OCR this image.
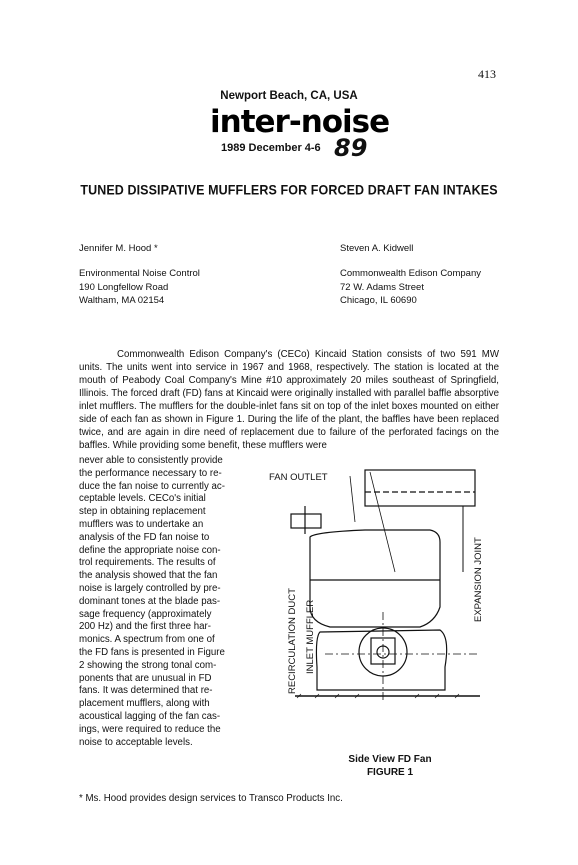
413
Newport Beach, CA, USA
inter-noise
1989 December 4-6 89
TUNED DISSIPATIVE MUFFLERS FOR FORCED DRAFT FAN INTAKES
Jennifer M. Hood *	Steven A. Kidwell
Environmental Noise Control
190 Longfellow Road
Waltham, MA 02154
Commonwealth Edison Company
72 W. Adams Street
Chicago, IL 60690

Commonwealth Edison Company's (CECo) Kincaid Station consists of two 591 MW units. The units went into service in 1967 and 1968, respectively. The station is located at the mouth of Peabody Coal Company's Mine #10 approximately 20 miles southeast of Springfield, Illinois. The forced draft (FD) fans at Kincaid were originally installed with parallel baffle absorptive inlet mufflers. The mufflers for the double-inlet fans sit on top of the inlet boxes mounted on either side of each fan as shown in Figure 1. During the life of the plant, the baffles have been replaced twice, and are again in dire need of replacement due to failure of the perforated facings on the baffles. While providing some benefit, these mufflers were

never able to consistently provide
the performance necessary to re-
duce the fan noise to currently ac-
ceptable levels. CECo's initial
step in obtaining replacement
mufflers was to undertake an
analysis of the FD fan noise to
define the appropriate noise con-
trol requirements. The results of
the analysis showed that the fan
noise is largely controlled by pre-
dominant tones at the blade pas-
sage frequency (approximately
200 Hz) and the first three har-
monics. A spectrum from one of
the FD fans is presented in Figure
2 showing the strong tonal com-
ponents that are unusual in FD
fans. It was determined that re-
placement mufflers, along with
acoustical lagging of the fan cas-
ings, were required to reduce the
noise to acceptable levels.
FAN OUTLET
RECIRCULATION DUCT INLET MUFFLER
EXPANSION JOINT
Side View FD Fan
FIGURE 1
* Ms. Hood provides design services to Transco Products Inc.
